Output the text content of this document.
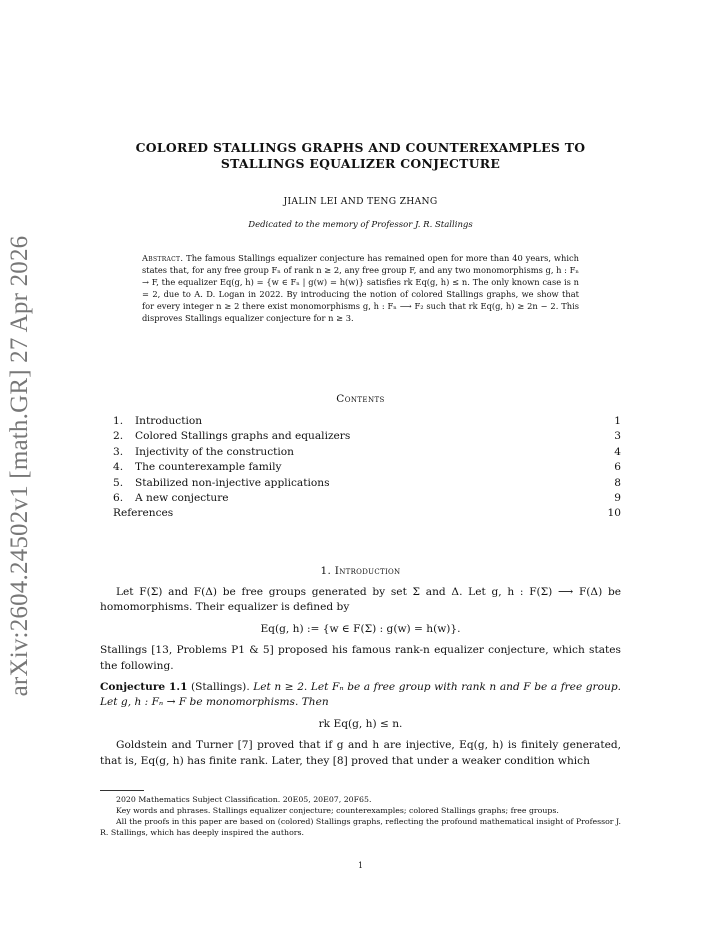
arXiv:2604.24502v1 [math.GR] 27 Apr 2026
COLORED STALLINGS GRAPHS AND COUNTEREXAMPLES TO
STALLINGS EQUALIZER CONJECTURE
JIALIN LEI AND TENG ZHANG
Dedicated to the memory of Professor J. R. Stallings
Abstract. The famous Stallings equalizer conjecture has remained open for more than 40 years, which states that, for any free group Fₙ of rank n ≥ 2, any free group F, and any two monomorphisms g, h : Fₙ → F, the equalizer Eq(g, h) = {w ∈ Fₙ | g(w) = h(w)} satisfies rk Eq(g, h) ≤ n. The only known case is n = 2, due to A. D. Logan in 2022. By introducing the notion of colored Stallings graphs, we show that for every integer n ≥ 2 there exist monomorphisms g, h : Fₙ ⟶ F₂ such that rk Eq(g, h) ≥ 2n − 2. This disproves Stallings equalizer conjecture for n ≥ 3.
Contents
1. Introduction	1
2. Colored Stallings graphs and equalizers	3
3. Injectivity of the construction	4
4. The counterexample family	6
5. Stabilized non-injective applications	8
6. A new conjecture	9
References	10
1. Introduction

Let F(Σ) and F(Δ) be free groups generated by set Σ and Δ. Let g, h : F(Σ) ⟶ F(Δ) be homomorphisms. Their equalizer is defined by

Eq(g, h) := {w ∈ F(Σ) : g(w) = h(w)}.

Stallings [13, Problems P1 & 5] proposed his famous rank-n equalizer conjecture, which states the following.

Conjecture 1.1 (Stallings). Let n ≥ 2. Let Fₙ be a free group with rank n and F be a free group. Let g, h : Fₙ → F be monomorphisms. Then

rk Eq(g, h) ≤ n.

Goldstein and Turner [7] proved that if g and h are injective, Eq(g, h) is finitely generated, that is, Eq(g, h) has finite rank. Later, they [8] proved that under a weaker condition which

2020 Mathematics Subject Classification. 20E05, 20E07, 20F65.

Key words and phrases. Stallings equalizer conjecture; counterexamples; colored Stallings graphs; free groups.

All the proofs in this paper are based on (colored) Stallings graphs, reflecting the profound mathematical insight of Professor J. R. Stallings, which has deeply inspired the authors.

1
